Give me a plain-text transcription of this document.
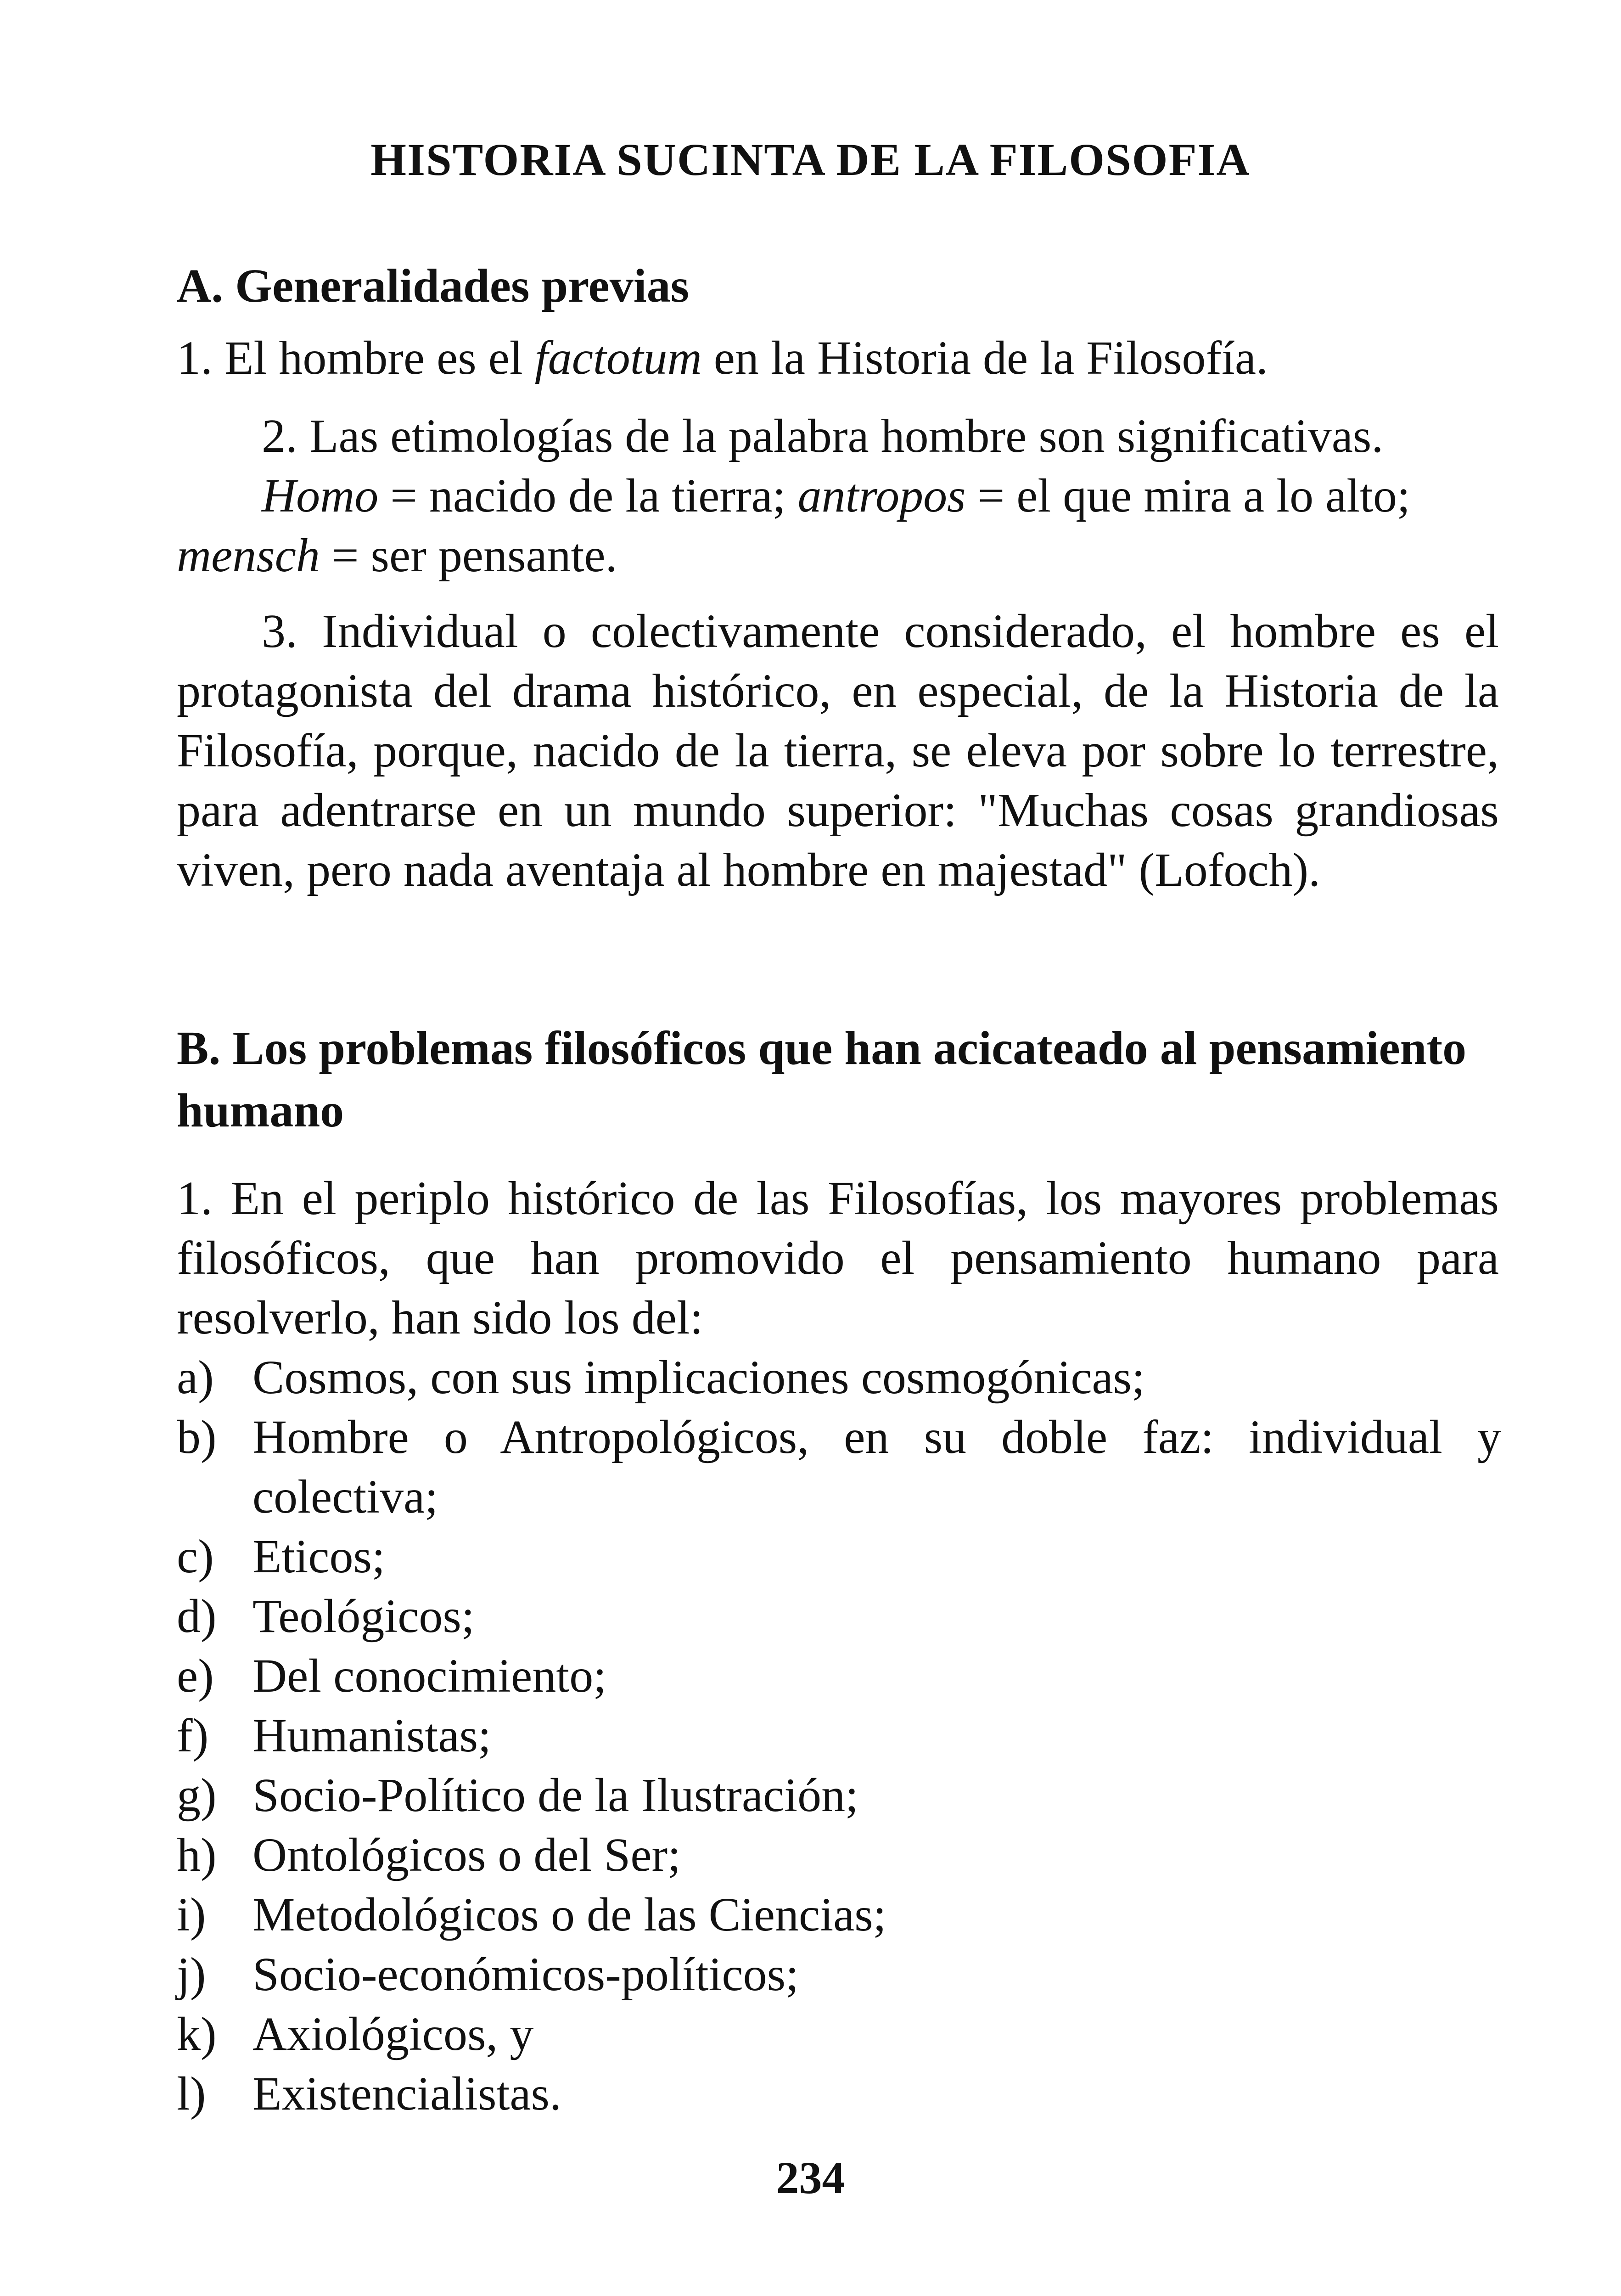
HISTORIA SUCINTA DE LA FILOSOFIA
A. Generalidades previas
1. El hombre es el factotum en la Historia de la Filosofía.
2. Las etimologías de la palabra hombre son significativas.
Homo = nacido de la tierra; antropos = el que mira a lo alto;
mensch = ser pensante.
3. Individual o colectivamente considerado, el hombre es el protagonista del drama histórico, en especial, de la Historia de la Filosofía, porque, nacido de la tierra, se eleva por sobre lo terrestre, para adentrarse en un mundo superior: "Muchas cosas grandiosas viven, pero nada aventaja al hombre en majestad" (Lofoch).
B. Los problemas filosóficos que han acicateado al pensamiento humano
1. En el periplo histórico de las Filosofías, los mayores problemas filosóficos, que han promovido el pensamiento humano para resolverlo, han sido los del:
a) Cosmos, con sus implicaciones cosmogónicas;
b) Hombre o Antropológicos, en su doble faz: individual y colectiva;
c) Eticos;
d) Teológicos;
e) Del conocimiento;
f) Humanistas;
g) Socio-Político de la Ilustración;
h) Ontológicos o del Ser;
i) Metodológicos o de las Ciencias;
j) Socio-económicos-políticos;
k) Axiológicos, y
l) Existencialistas.
234
